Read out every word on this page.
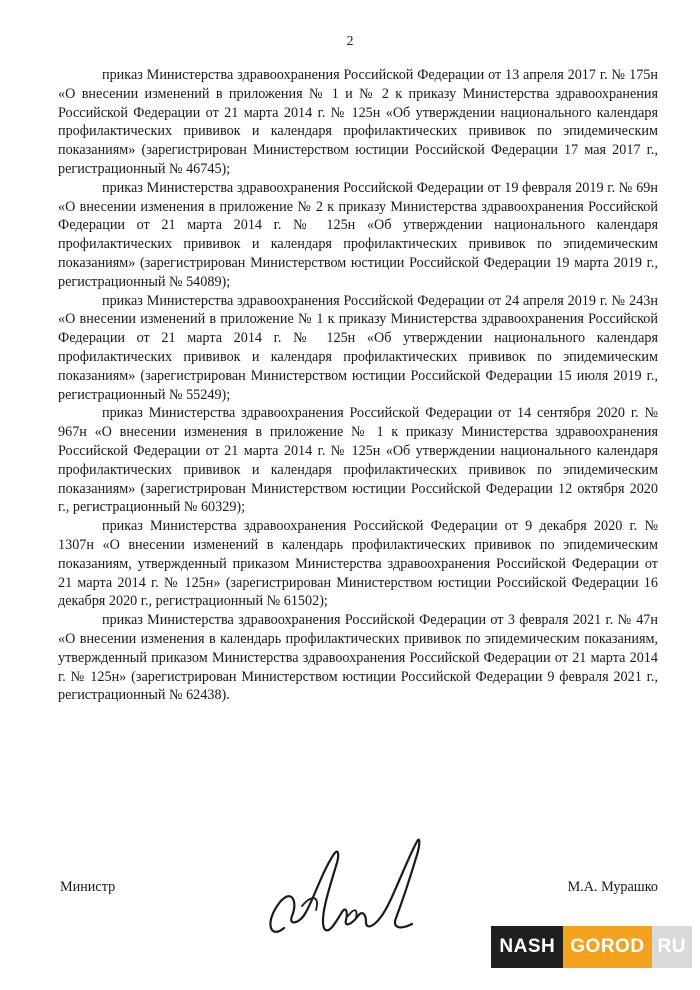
2

приказ Министерства здравоохранения Российской Федерации от 13 апреля 2017 г. № 175н «О внесении изменений в приложения № 1 и № 2 к приказу Министерства здравоохранения Российской Федерации от 21 марта 2014 г. № 125н «Об утверждении национального календаря профилактических прививок и календаря профилактических прививок по эпидемическим показаниям» (зарегистрирован Министерством юстиции Российской Федерации 17 мая 2017 г., регистрационный № 46745);

приказ Министерства здравоохранения Российской Федерации от 19 февраля 2019 г. № 69н «О внесении изменения в приложение № 2 к приказу Министерства здравоохранения Российской Федерации от 21 марта 2014 г. № 125н «Об утверждении национального календаря профилактических прививок и календаря профилактических прививок по эпидемическим показаниям» (зарегистрирован Министерством юстиции Российской Федерации 19 марта 2019 г., регистрационный № 54089);

приказ Министерства здравоохранения Российской Федерации от 24 апреля 2019 г. № 243н «О внесении изменений в приложение № 1 к приказу Министерства здравоохранения Российской Федерации от 21 марта 2014 г. № 125н «Об утверждении национального календаря профилактических прививок и календаря профилактических прививок по эпидемическим показаниям» (зарегистрирован Министерством юстиции Российской Федерации 15 июля 2019 г., регистрационный № 55249);

приказ Министерства здравоохранения Российской Федерации от 14 сентября 2020 г. № 967н «О внесении изменения в приложение № 1 к приказу Министерства здравоохранения Российской Федерации от 21 марта 2014 г. № 125н «Об утверждении национального календаря профилактических прививок и календаря профилактических прививок по эпидемическим показаниям» (зарегистрирован Министерством юстиции Российской Федерации 12 октября 2020 г., регистрационный № 60329);

приказ Министерства здравоохранения Российской Федерации от 9 декабря 2020 г. № 1307н «О внесении изменений в календарь профилактических прививок по эпидемическим показаниям, утвержденный приказом Министерства здравоохранения Российской Федерации от 21 марта 2014 г. № 125н» (зарегистрирован Министерством юстиции Российской Федерации 16 декабря 2020 г., регистрационный № 61502);

приказ Министерства здравоохранения Российской Федерации от 3 февраля 2021 г. № 47н «О внесении изменения в календарь профилактических прививок по эпидемическим показаниям, утвержденный приказом Министерства здравоохранения Российской Федерации от 21 марта 2014 г. № 125н» (зарегистрирован Министерством юстиции Российской Федерации 9 февраля 2021 г., регистрационный № 62438).

Министр	М.А. Мурашко
NASH GOROD RU
